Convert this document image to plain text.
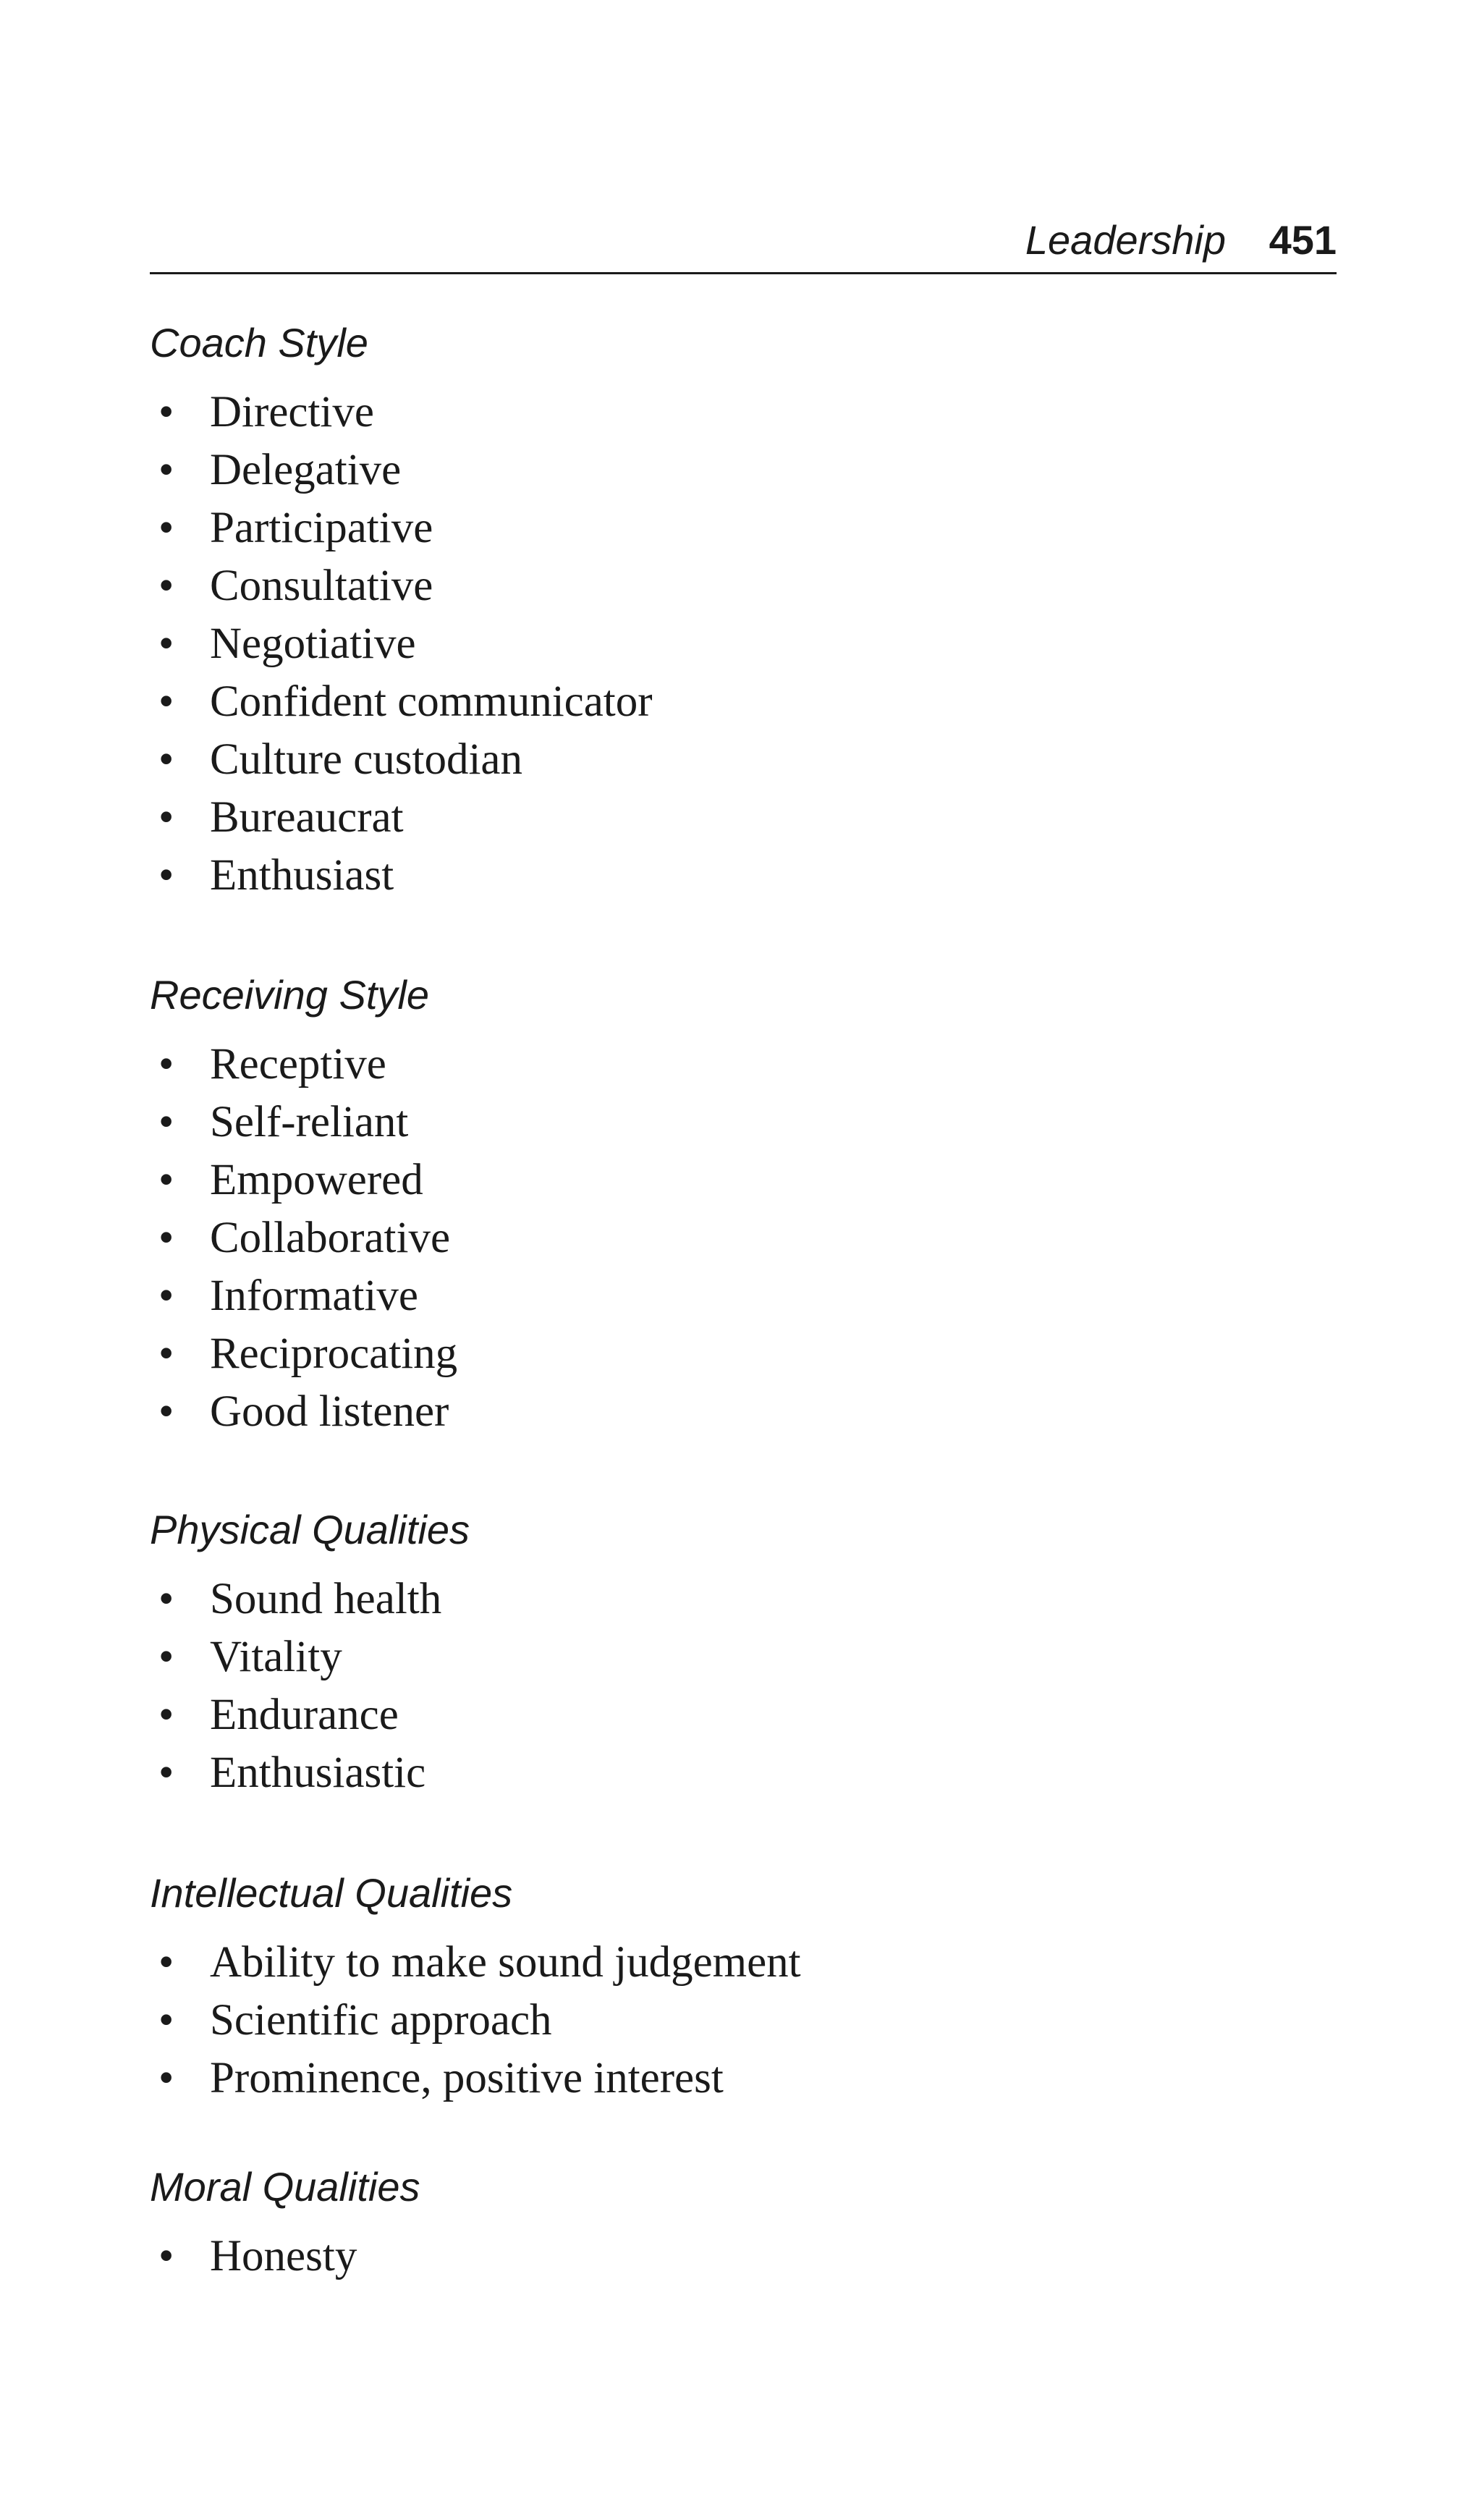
Leadership 451
Coach Style
• Directive
• Delegative
• Participative
• Consultative
• Negotiative
• Confident communicator
• Culture custodian
• Bureaucrat
• Enthusiast
Receiving Style
• Receptive
• Self-reliant
• Empowered
• Collaborative
• Informative
• Reciprocating
• Good listener
Physical Qualities
• Sound health
• Vitality
• Endurance
• Enthusiastic
Intellectual Qualities
• Ability to make sound judgement
• Scientific approach
• Prominence, positive interest
Moral Qualities
• Honesty
